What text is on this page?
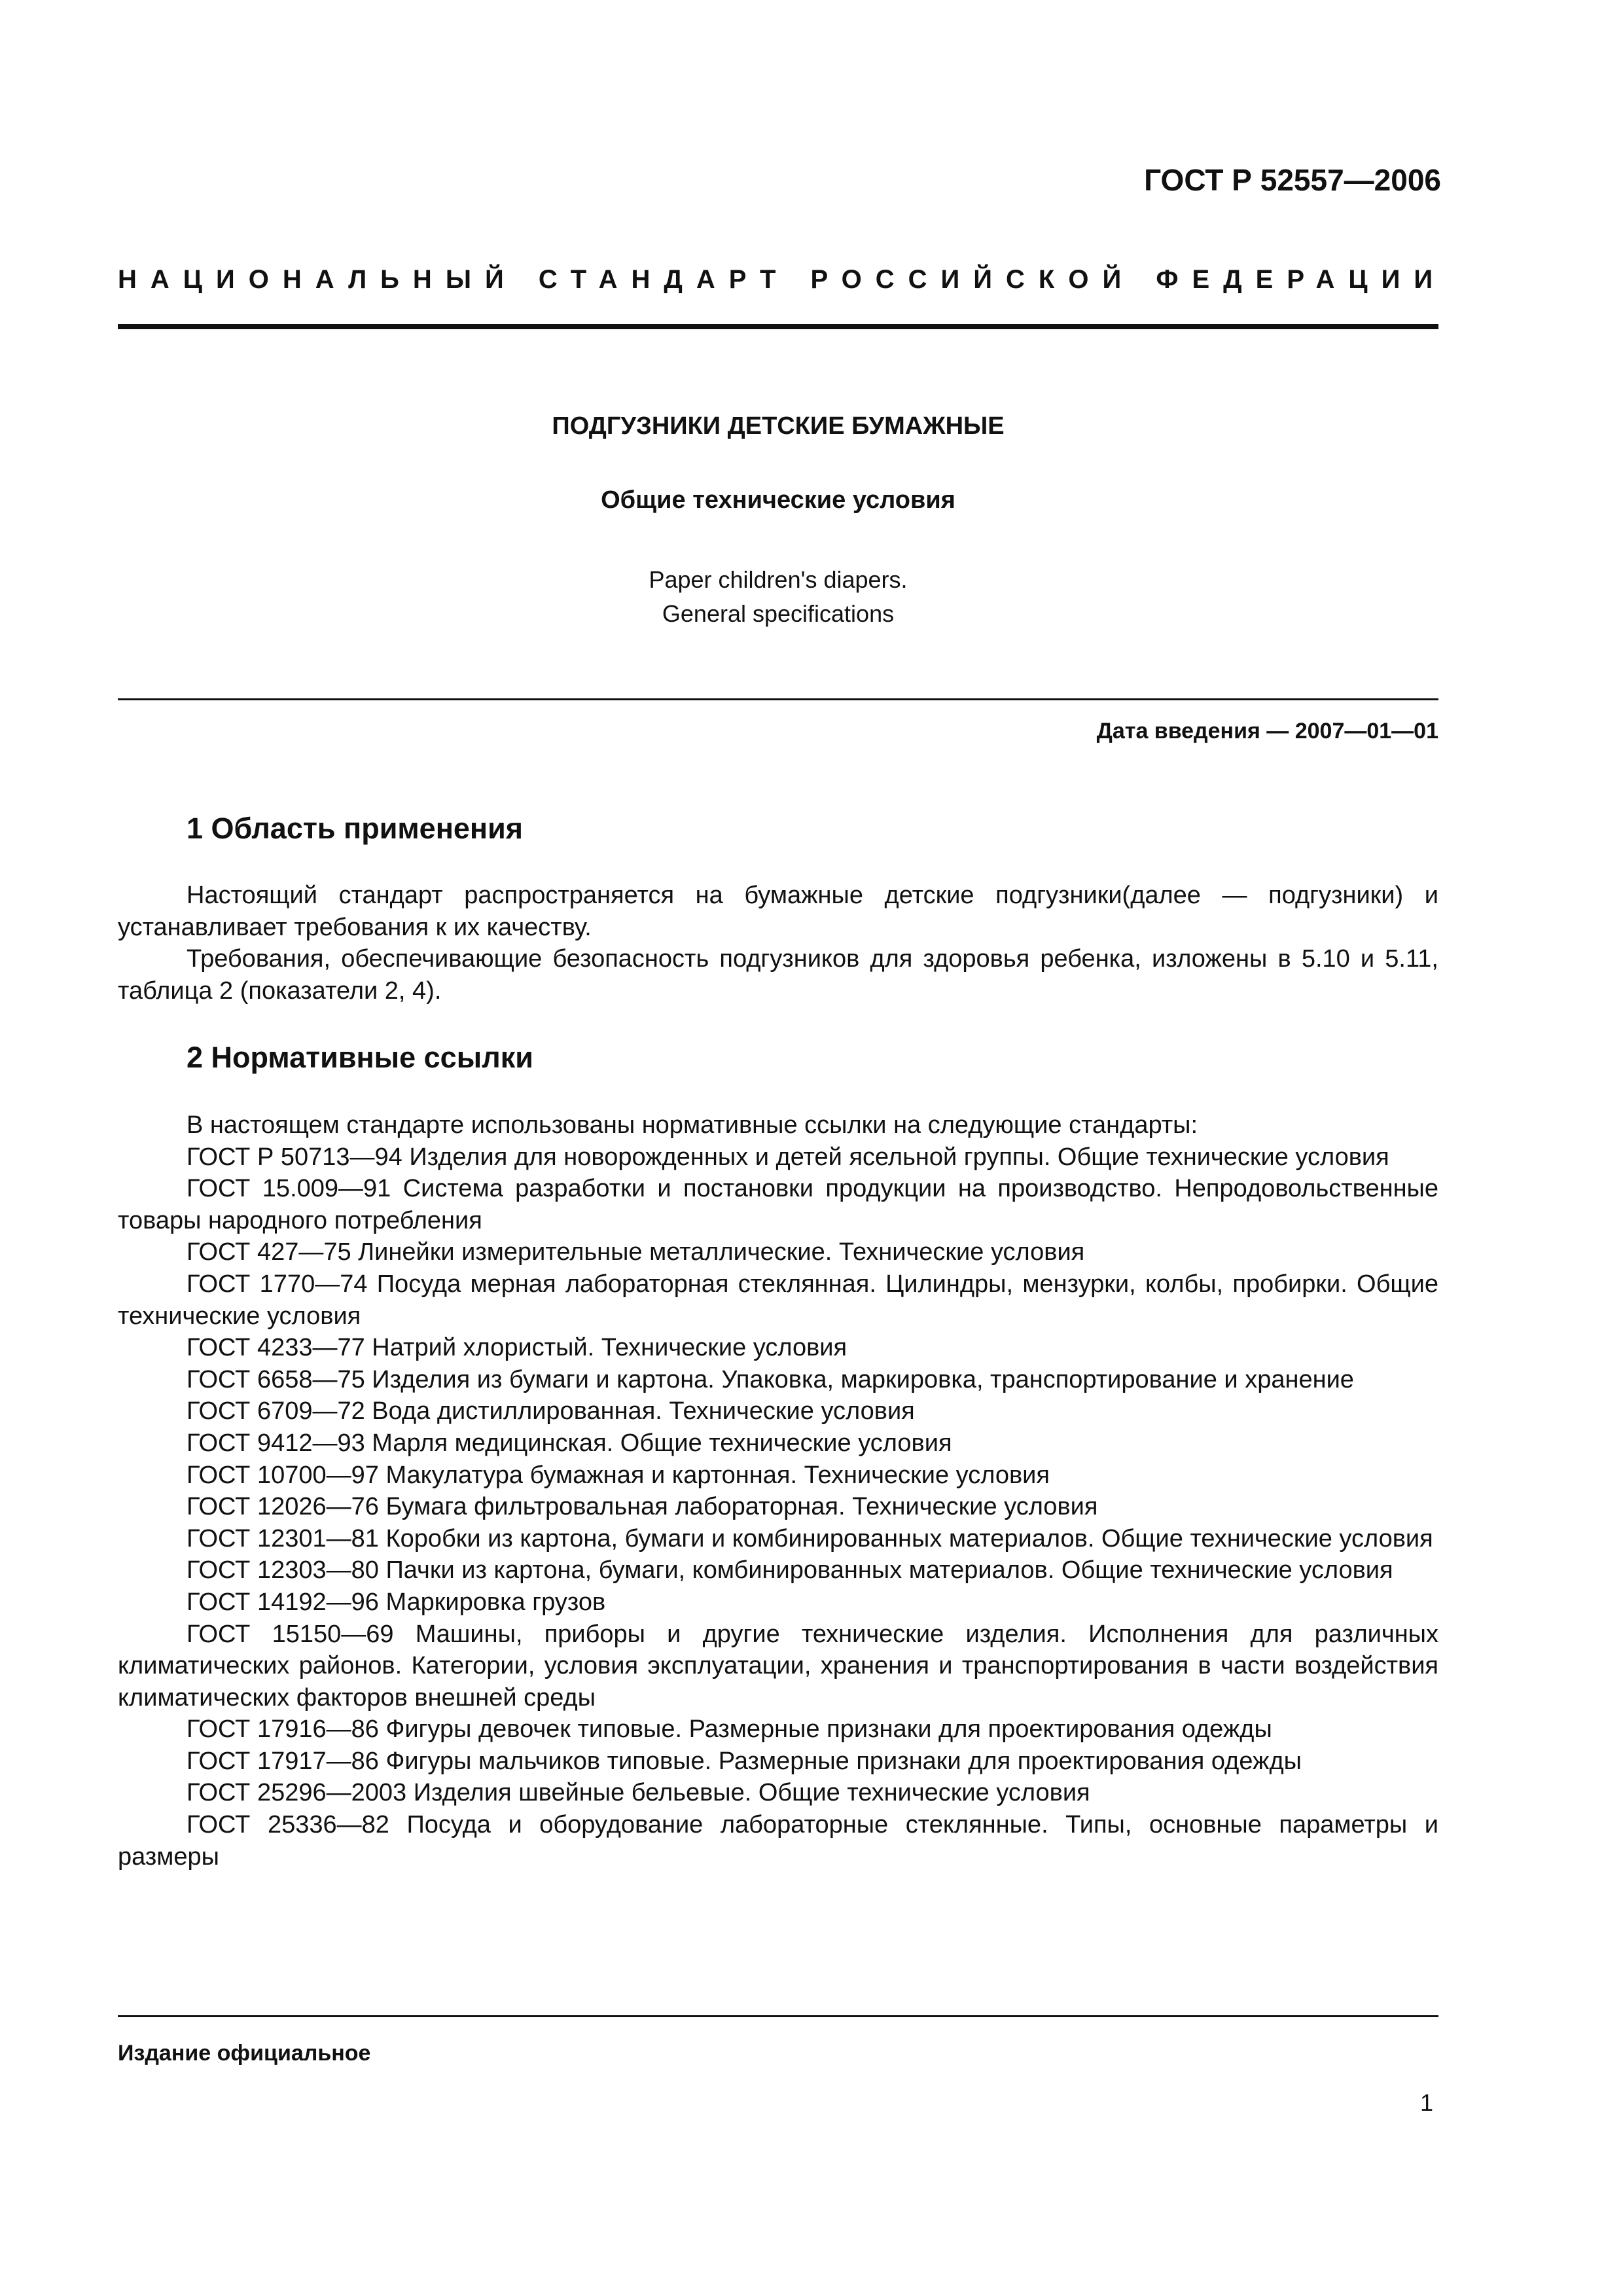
ГОСТ Р 52557—2006
НАЦИОНАЛЬНЫЙ СТАНДАРТ РОССИЙСКОЙ ФЕДЕРАЦИИ
ПОДГУЗНИКИ ДЕТСКИЕ БУМАЖНЫЕ
Общие технические условия
Paper children's diapers.
General specifications
Дата введения — 2007—01—01
1 Область применения

Настоящий стандарт распространяется на бумажные детские подгузники(далее — подгузники) и устанавливает требования к их качеству.

Требования, обеспечивающие безопасность подгузников для здоровья ребенка, изложены в 5.10 и 5.11, таблица 2 (показатели 2, 4).

2 Нормативные ссылки

В настоящем стандарте использованы нормативные ссылки на следующие стандарты:

ГОСТ Р 50713—94 Изделия для новорожденных и детей ясельной группы. Общие технические условия

ГОСТ 15.009—91 Система разработки и постановки продукции на производство. Непродовольственные товары народного потребления

ГОСТ 427—75 Линейки измерительные металлические. Технические условия

ГОСТ 1770—74 Посуда мерная лабораторная стеклянная. Цилиндры, мензурки, колбы, пробирки. Общие технические условия

ГОСТ 4233—77 Натрий хлористый. Технические условия

ГОСТ 6658—75 Изделия из бумаги и картона. Упаковка, маркировка, транспортирование и хранение

ГОСТ 6709—72 Вода дистиллированная. Технические условия

ГОСТ 9412—93 Марля медицинская. Общие технические условия

ГОСТ 10700—97 Макулатура бумажная и картонная. Технические условия

ГОСТ 12026—76 Бумага фильтровальная лабораторная. Технические условия

ГОСТ 12301—81 Коробки из картона, бумаги и комбинированных материалов. Общие технические условия

ГОСТ 12303—80 Пачки из картона, бумаги, комбинированных материалов. Общие технические условия

ГОСТ 14192—96 Маркировка грузов

ГОСТ 15150—69 Машины, приборы и другие технические изделия. Исполнения для различных климатических районов. Категории, условия эксплуатации, хранения и транспортирования в части воздействия климатических факторов внешней среды

ГОСТ 17916—86 Фигуры девочек типовые. Размерные признаки для проектирования одежды

ГОСТ 17917—86 Фигуры мальчиков типовые. Размерные признаки для проектирования одежды

ГОСТ 25296—2003 Изделия швейные бельевые. Общие технические условия

ГОСТ 25336—82 Посуда и оборудование лабораторные стеклянные. Типы, основные параметры и размеры

Издание официальное
1
